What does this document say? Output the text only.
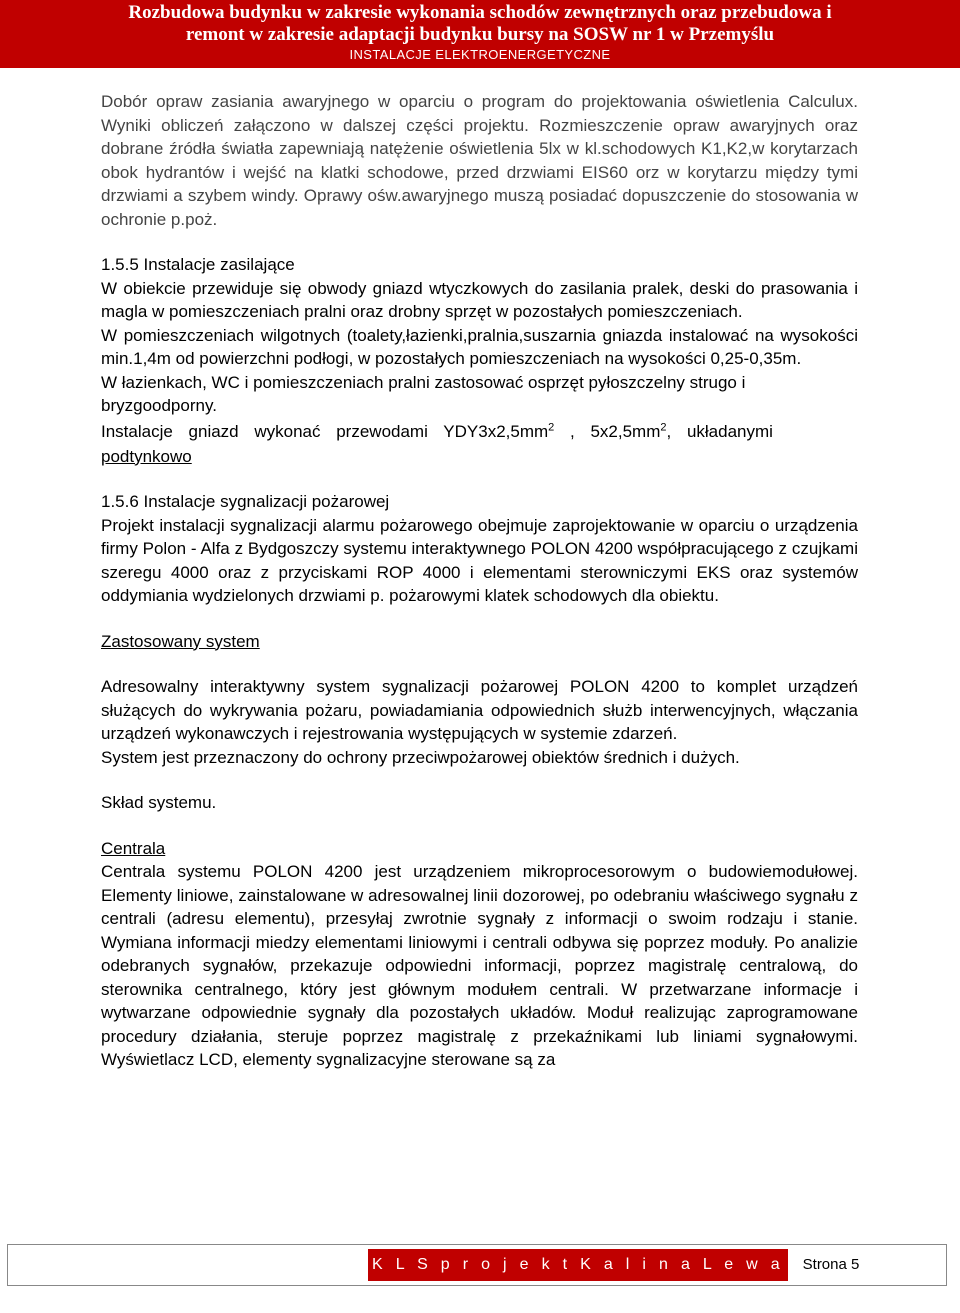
Rozbudowa budynku w zakresie wykonania schodów zewnętrznych oraz przebudowa i
remont w zakresie adaptacji budynku bursy na SOSW nr 1 w Przemyślu
INSTALACJE ELEKTROENERGETYCZNE

Dobór opraw zasiania awaryjnego w oparciu o program do projektowania oświetlenia Calculux. Wyniki obliczeń załączono w dalszej części projektu. Rozmieszczenie opraw awaryjnych oraz dobrane źródła światła zapewniają natężenie oświetlenia 5lx w kl.schodowych K1,K2,w korytarzach obok hydrantów i wejść na klatki schodowe, przed drzwiami EIS60 orz w korytarzu między tymi drzwiami a szybem windy. Oprawy ośw.awaryjnego muszą posiadać dopuszczenie do stosowania w ochronie p.poż.

1.5.5 Instalacje zasilające

W obiekcie przewiduje się obwody gniazd wtyczkowych do zasilania pralek, deski do prasowania i magla w pomieszczeniach pralni oraz drobny sprzęt w pozostałych pomieszczeniach.

W pomieszczeniach wilgotnych (toalety,łazienki,pralnia,suszarnia gniazda instalować na wysokości min.1,4m od powierzchni podłogi, w pozostałych pomieszczeniach na wysokości 0,25-0,35m.

W łazienkach, WC i pomieszczeniach pralni zastosować osprzęt pyłoszczelny strugo i bryzgoodporny.

Instalacje gniazd wykonać przewodami $YDY3x2,5mm^2$ , $5x2,5mm^2$, układanymi

podtynkowo

1.5.6 Instalacje sygnalizacji pożarowej

Projekt instalacji sygnalizacji alarmu pożarowego obejmuje zaprojektowanie w oparciu o urządzenia firmy Polon - Alfa z Bydgoszczy systemu interaktywnego POLON 4200 współpracującego z czujkami szeregu 4000 oraz z przyciskami ROP 4000 i elementami sterowniczymi EKS oraz systemów oddymiania wydzielonych drzwiami p. pożarowymi klatek schodowych dla obiektu.

Zastosowany system

Adresowalny interaktywny system sygnalizacji pożarowej POLON 4200 to komplet urządzeń służących do wykrywania pożaru, powiadamiania odpowiednich służb interwencyjnych, włączania urządzeń wykonawczych i rejestrowania występujących w systemie zdarzeń.

System jest przeznaczony do ochrony przeciwpożarowej obiektów średnich i dużych.

Skład systemu.

Centrala

Centrala systemu POLON 4200 jest urządzeniem mikroprocesorowym o budowiemodułowej. Elementy liniowe, zainstalowane w adresowalnej linii dozorowej, po odebraniu właściwego sygnału z centrali (adresu elementu), przesyłaj zwrotnie sygnały z informacji o swoim rodzaju i stanie. Wymiana informacji miedzy elementami liniowymi i centrali odbywa się poprzez moduły. Po analizie odebranych sygnałów, przekazuje odpowiedni informacji, poprzez magistralę centralową, do sterownika centralnego, który jest głównym modułem centrali. W przetwarzane informacje i wytwarzane odpowiednie sygnały dla pozostałych układów. Moduł realizując zaprogramowane procedury działania, steruje poprzez magistralę z przekaźnikami lub liniami sygnałowymi. Wyświetlacz LCD, elementy sygnalizacyjne sterowane są za

K L S p r o j e k t K a l i n a L e w a n d o w s k a
Strona 5
